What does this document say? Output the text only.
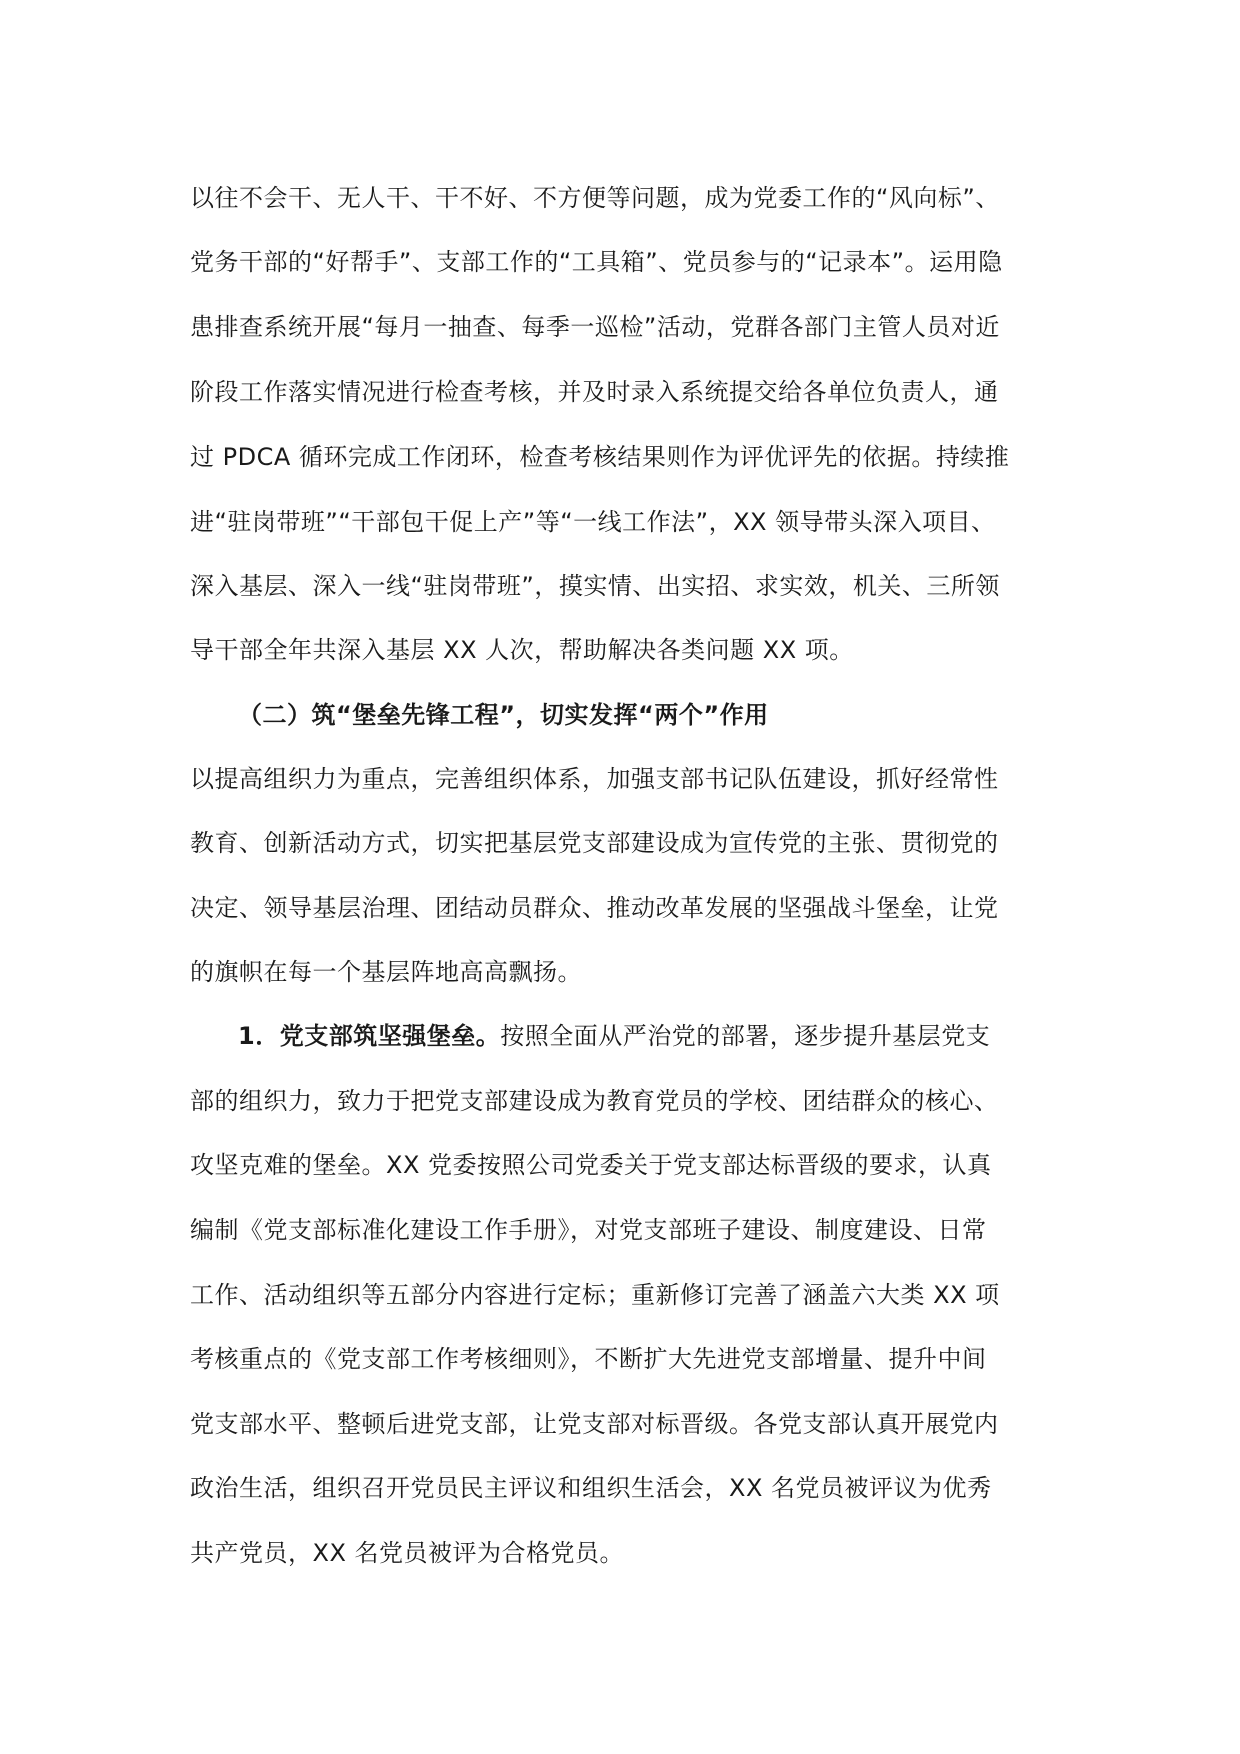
以往不会干、无人干、干不好、不方便等问题，成为党委工作的“风向标”、
党务干部的“好帮手”、支部工作的“工具箱”、党员参与的“记录本”。运用隐
患排查系统开展“每月一抽查、每季一巡检”活动，党群各部门主管人员对近
阶段工作落实情况进行检查考核，并及时录入系统提交给各单位负责人，通
过 PDCA 循环完成工作闭环，检查考核结果则作为评优评先的依据。持续推
进“驻岗带班”“干部包干促上产”等“一线工作法”，XX 领导带头深入项目、
深入基层、深入一线“驻岗带班”，摸实情、出实招、求实效，机关、三所领
导干部全年共深入基层 XX 人次，帮助解决各类问题 XX 项。
（二）筑“堡垒先锋工程”，切实发挥“两个”作用
以提高组织力为重点，完善组织体系，加强支部书记队伍建设，抓好经常性
教育、创新活动方式，切实把基层党支部建设成为宣传党的主张、贯彻党的
决定、领导基层治理、团结动员群众、推动改革发展的坚强战斗堡垒，让党
的旗帜在每一个基层阵地高高飘扬。
1．党支部筑坚强堡垒。按照全面从严治党的部署，逐步提升基层党支
部的组织力，致力于把党支部建设成为教育党员的学校、团结群众的核心、
攻坚克难的堡垒。XX 党委按照公司党委关于党支部达标晋级的要求，认真
编制《党支部标准化建设工作手册》，对党支部班子建设、制度建设、日常
工作、活动组织等五部分内容进行定标；重新修订完善了涵盖六大类 XX 项
考核重点的《党支部工作考核细则》，不断扩大先进党支部增量、提升中间
党支部水平、整顿后进党支部，让党支部对标晋级。各党支部认真开展党内
政治生活，组织召开党员民主评议和组织生活会，XX 名党员被评议为优秀
共产党员，XX 名党员被评为合格党员。
